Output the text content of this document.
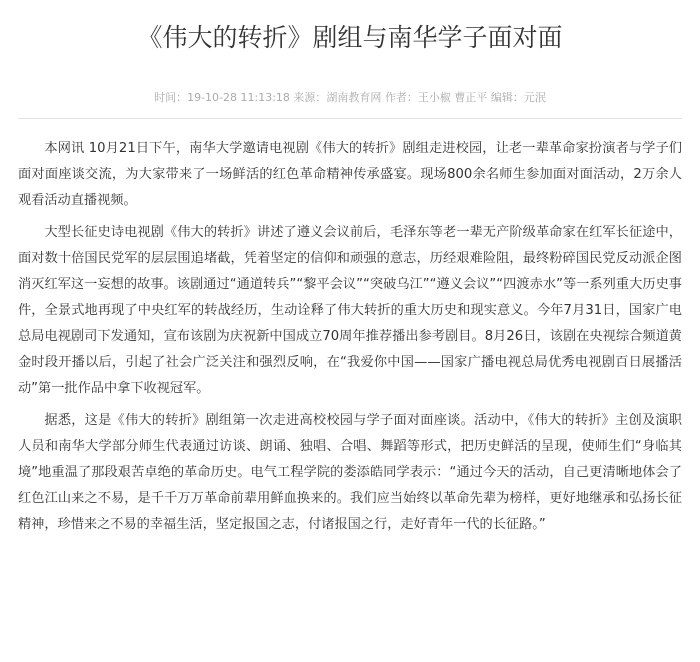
《伟大的转折》剧组与南华学子面对面
时间：19-10-28 11:13:18 来源：湖南教育网 作者：王小椒 曹正平 编辑：元泯

本网讯 10月21日下午，南华大学邀请电视剧《伟大的转折》剧组走进校园，让老一辈革命家扮演者与学子们面对面座谈交流，为大家带来了一场鲜活的红色革命精神传承盛宴。现场800余名师生参加面对面活动，2万余人观看活动直播视频。

大型长征史诗电视剧《伟大的转折》讲述了遵义会议前后，毛泽东等老一辈无产阶级革命家在红军长征途中，面对数十倍国民党军的层层围追堵截，凭着坚定的信仰和顽强的意志，历经艰难险阻，最终粉碎国民党反动派企图消灭红军这一妄想的故事。该剧通过“通道转兵”“黎平会议”“突破乌江”“遵义会议”“四渡赤水”等一系列重大历史事件，全景式地再现了中央红军的转战经历，生动诠释了伟大转折的重大历史和现实意义。今年7月31日，国家广电总局电视剧司下发通知，宣布该剧为庆祝新中国成立70周年推荐播出参考剧目。8月26日，该剧在央视综合频道黄金时段开播以后，引起了社会广泛关注和强烈反响，在“我爱你中国——国家广播电视总局优秀电视剧百日展播活动”第一批作品中拿下收视冠军。

据悉，这是《伟大的转折》剧组第一次走进高校校园与学子面对面座谈。活动中，《伟大的转折》主创及演职人员和南华大学部分师生代表通过访谈、朗诵、独唱、合唱、舞蹈等形式，把历史鲜活的呈现，使师生们“身临其境”地重温了那段艰苦卓绝的革命历史。电气工程学院的娄添皓同学表示：“通过今天的活动，自己更清晰地体会了红色江山来之不易，是千千万万革命前辈用鲜血换来的。我们应当始终以革命先辈为榜样，更好地继承和弘扬长征精神，珍惜来之不易的幸福生活，坚定报国之志，付诸报国之行，走好青年一代的长征路。”
